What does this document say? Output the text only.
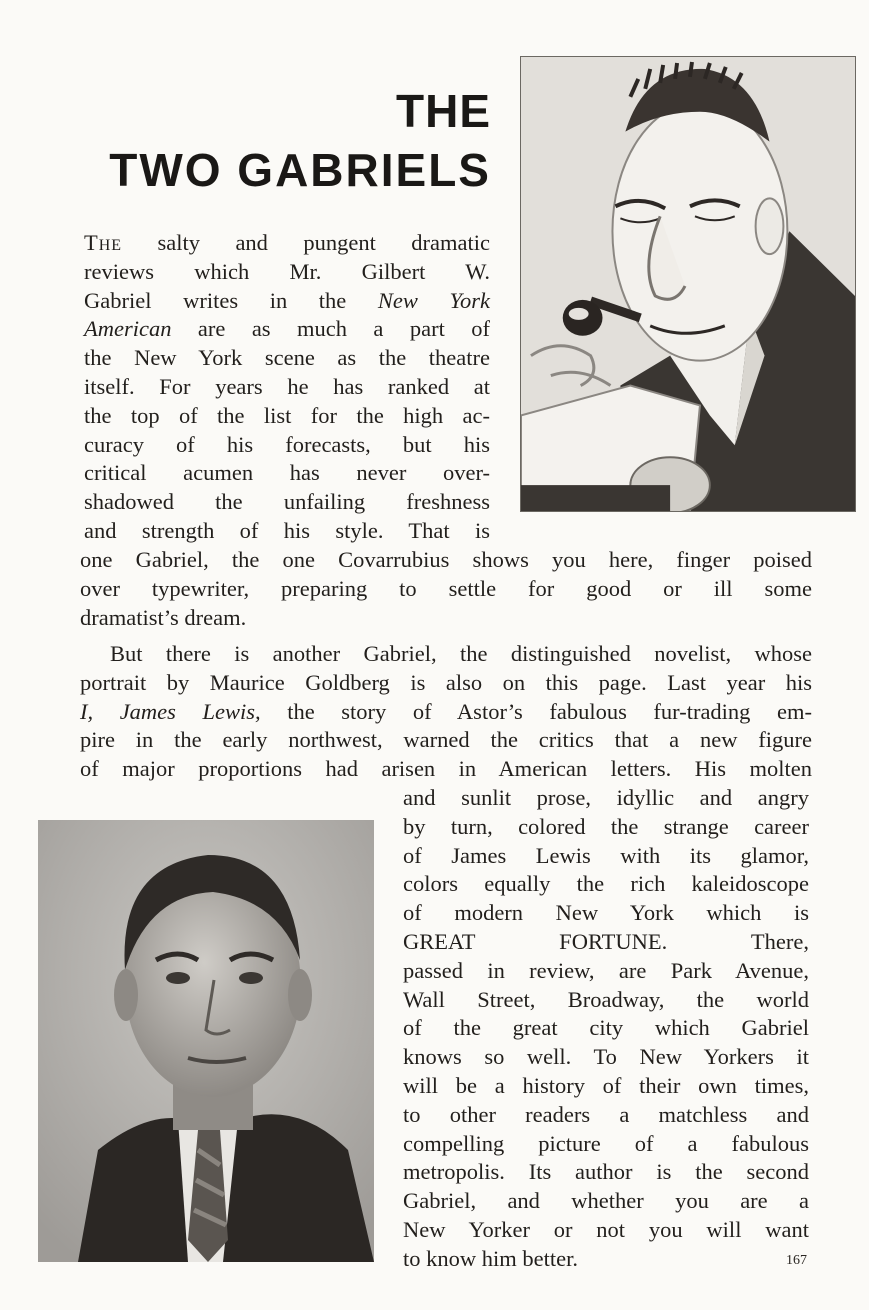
THE
TWO GABRIELS
The salty and pungent dramatic
reviews which Mr. Gilbert W.
Gabriel writes in the New York
American are as much a part of
the New York scene as the theatre
itself. For years he has ranked at
the top of the list for the high ac-
curacy of his forecasts, but his
critical acumen has never over-
shadowed the unfailing freshness
and strength of his style. That is
one Gabriel, the one Covarrubius shows you here, finger poised
over typewriter, preparing to settle for good or ill some
dramatist’s dream.
But there is another Gabriel, the distinguished novelist, whose
portrait by Maurice Goldberg is also on this page. Last year his
I, James Lewis, the story of Astor’s fabulous fur-trading em-
pire in the early northwest, warned the critics that a new figure
of major proportions had arisen in American letters. His molten
and sunlit prose, idyllic and angry
by turn, colored the strange career
of James Lewis with its glamor,
colors equally the rich kaleidoscope
of modern New York which is
GREAT FORTUNE. There,
passed in review, are Park Avenue,
Wall Street, Broadway, the world
of the great city which Gabriel
knows so well. To New Yorkers it
will be a history of their own times,
to other readers a matchless and
compelling picture of a fabulous
metropolis. Its author is the second
Gabriel, and whether you are a
New Yorker or not you will want
to know him better.	167
